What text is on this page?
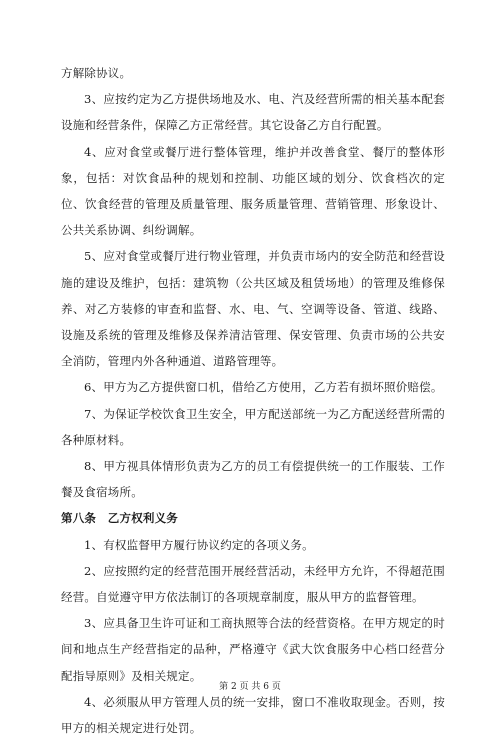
方解除协议。

3、应按约定为乙方提供场地及水、电、汽及经营所需的相关基本配套设施和经营条件，保障乙方正常经营。其它设备乙方自行配置。

4、应对食堂或餐厅进行整体管理，维护并改善食堂、餐厅的整体形象，包括：对饮食品种的规划和控制、功能区域的划分、饮食档次的定位、饮食经营的管理及质量管理、服务质量管理、营销管理、形象设计、公共关系协调、纠纷调解。

5、应对食堂或餐厅进行物业管理，并负责市场内的安全防范和经营设施的建设及维护，包括：建筑物（公共区域及租赁场地）的管理及维修保养、对乙方装修的审查和监督、水、电、气、空调等设备、管道、线路、设施及系统的管理及维修及保养清洁管理、保安管理、负责市场的公共安全消防，管理内外各种通道、道路管理等。

6、甲方为乙方提供窗口机，借给乙方使用，乙方若有损坏照价赔偿。

7、为保证学校饮食卫生安全，甲方配送部统一为乙方配送经营所需的各种原材料。

8、甲方视具体情形负责为乙方的员工有偿提供统一的工作服装、工作餐及食宿场所。

第八条　乙方权利义务

1、有权监督甲方履行协议约定的各项义务。

2、应按照约定的经营范围开展经营活动，未经甲方允许，不得超范围经营。自觉遵守甲方依法制订的各项规章制度，服从甲方的监督管理。

3、应具备卫生许可证和工商执照等合法的经营资格。在甲方规定的时间和地点生产经营指定的品种，严格遵守《武大饮食服务中心档口经营分配指导原则》及相关规定。

4、必须服从甲方管理人员的统一安排，窗口不准收取现金。否则，按甲方的相关规定进行处罚。

第 2 页 共 6 页
